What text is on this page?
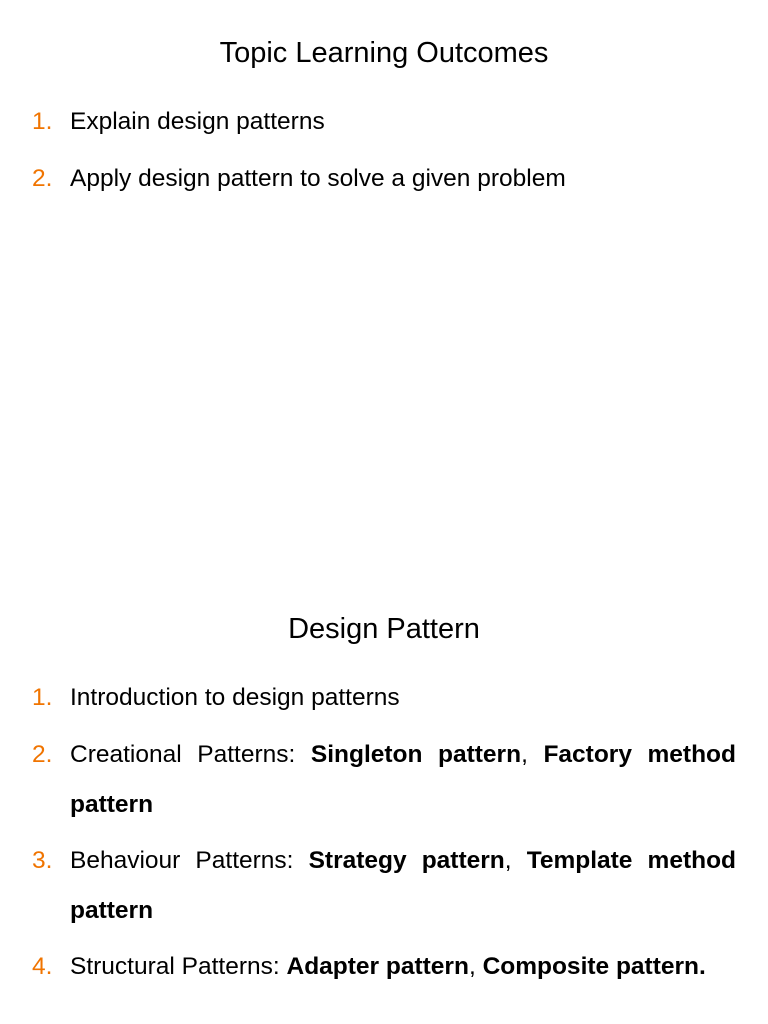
Topic Learning Outcomes
1. Explain design patterns
2. Apply design pattern to solve a given problem
Design Pattern
1. Introduction to design patterns
2. Creational Patterns: Singleton pattern, Factory method pattern
3. Behaviour Patterns: Strategy pattern, Template method pattern
4. Structural Patterns: Adapter pattern, Composite pattern.
